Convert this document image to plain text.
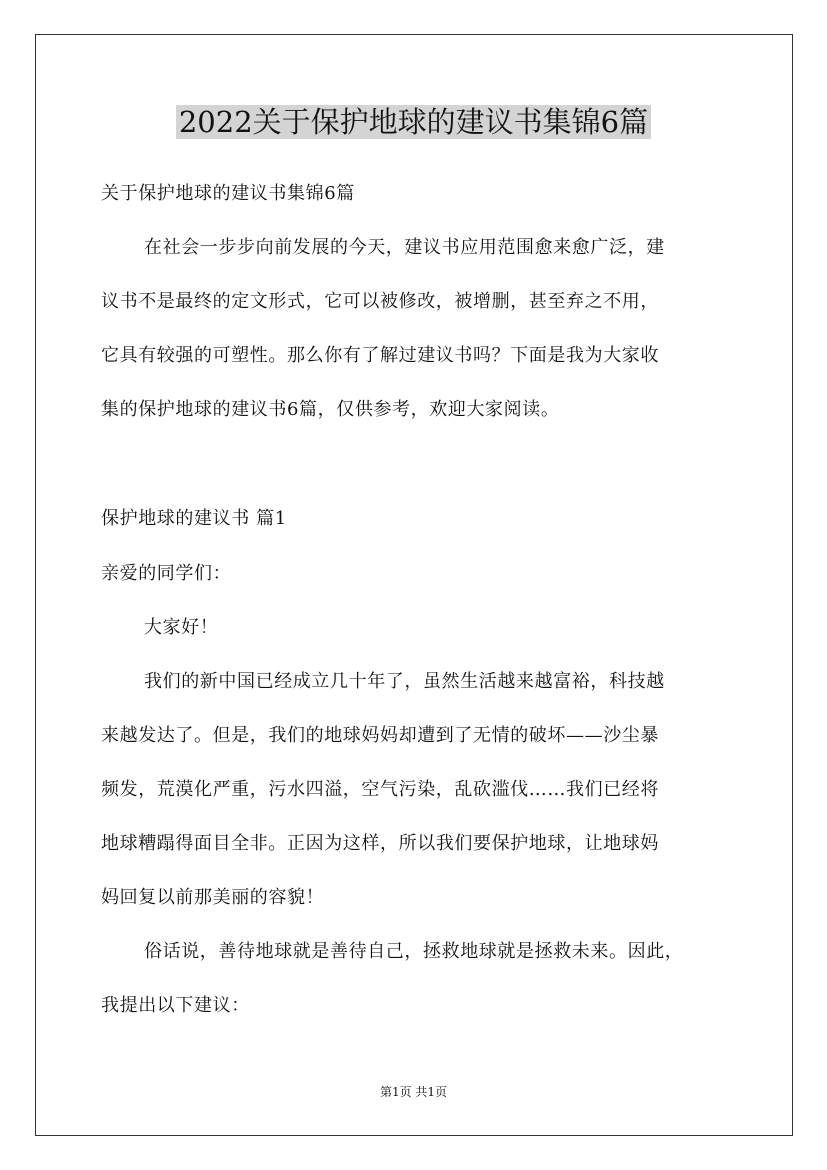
2022关于保护地球的建议书集锦6篇

关于保护地球的建议书集锦6篇

在社会一步步向前发展的今天，建议书应用范围愈来愈广泛，建

议书不是最终的定文形式，它可以被修改，被增删，甚至弃之不用，

它具有较强的可塑性。那么你有了解过建议书吗？下面是我为大家收

集的保护地球的建议书6篇，仅供参考，欢迎大家阅读。

保护地球的建议书 篇1

亲爱的同学们：

大家好！

我们的新中国已经成立几十年了，虽然生活越来越富裕，科技越

来越发达了。但是，我们的地球妈妈却遭到了无情的破坏——沙尘暴

频发，荒漠化严重，污水四溢，空气污染，乱砍滥伐……我们已经将

地球糟蹋得面目全非。正因为这样，所以我们要保护地球，让地球妈

妈回复以前那美丽的容貌！

俗话说，善待地球就是善待自己，拯救地球就是拯救未来。因此，

我提出以下建议：

第1页 共1页
